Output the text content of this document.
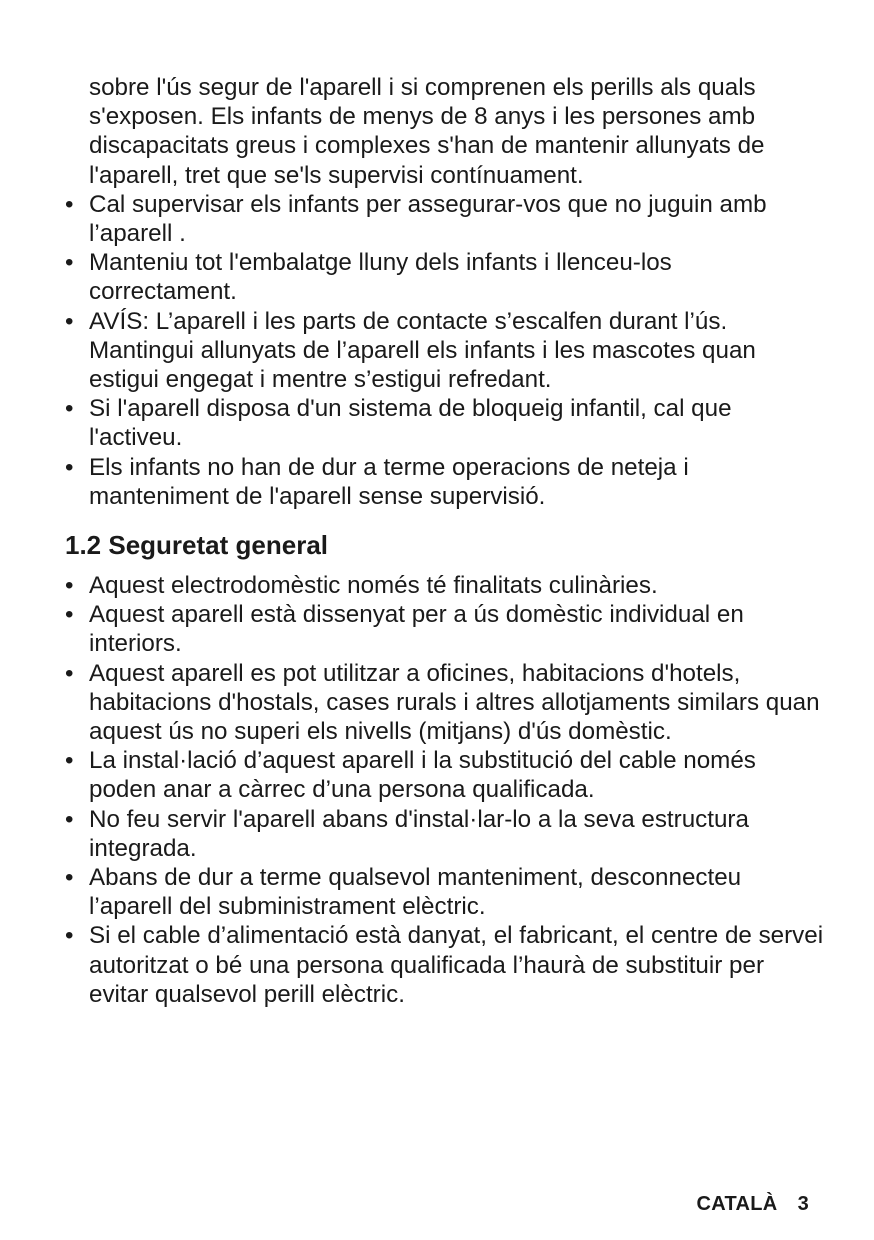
sobre l'ús segur de l'aparell i si comprenen els perills als quals s'exposen. Els infants de menys de 8 anys i les persones amb discapacitats greus i complexes s'han de mantenir allunyats de l'aparell, tret que se'ls supervisi contínuament.

• Cal supervisar els infants per assegurar-vos que no juguin amb l’aparell .
• Manteniu tot l'embalatge lluny dels infants i llenceu-los correctament.
• AVÍS: L’aparell i les parts de contacte s’escalfen durant l’ús. Mantingui allunyats de l’aparell els infants i les mascotes quan estigui engegat i mentre s’estigui refredant.
• Si l'aparell disposa d'un sistema de bloqueig infantil, cal que l'activeu.
• Els infants no han de dur a terme operacions de neteja i manteniment de l'aparell sense supervisió.
1.2 Seguretat general
• Aquest electrodomèstic només té finalitats culinàries.
• Aquest aparell està dissenyat per a ús domèstic individual en interiors.
• Aquest aparell es pot utilitzar a oficines, habitacions d'hotels, habitacions d'hostals, cases rurals i altres allotjaments similars quan aquest ús no superi els nivells (mitjans) d'ús domèstic.
• La instal·lació d’aquest aparell i la substitució del cable només poden anar a càrrec d’una persona qualificada.
• No feu servir l'aparell abans d'instal·lar-lo a la seva estructura integrada.
• Abans de dur a terme qualsevol manteniment, desconnecteu l’aparell del subministrament elèctric.
• Si el cable d’alimentació està danyat, el fabricant, el centre de servei autoritzat o bé una persona qualificada l’haurà de substituir per evitar qualsevol perill elèctric.
CATALÀ 3
